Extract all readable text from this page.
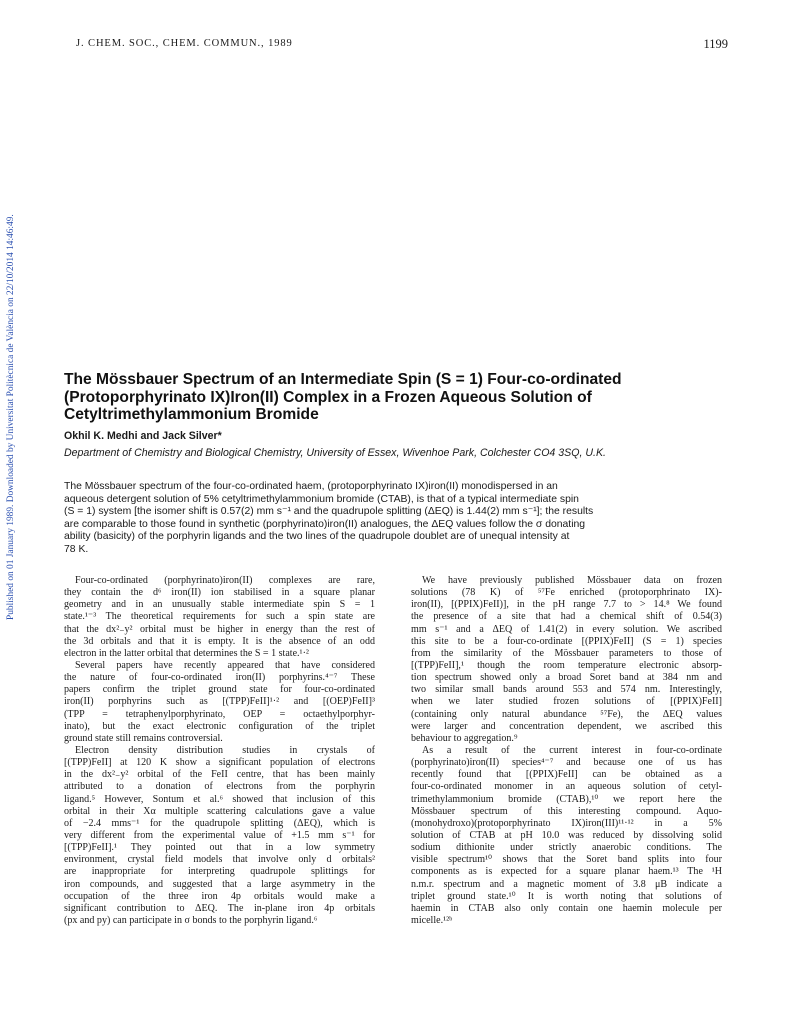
Published on 01 January 1989. Downloaded by Universitat Politècnica de València on 22/10/2014 14:46:49.
J. CHEM. SOC., CHEM. COMMUN., 1989	1199
The Mössbauer Spectrum of an Intermediate Spin (S = 1) Four-co-ordinated (Protoporphyrinato IX)Iron(II) Complex in a Frozen Aqueous Solution of Cetyltrimethylammonium Bromide
Okhil K. Medhi and Jack Silver*
Department of Chemistry and Biological Chemistry, University of Essex, Wivenhoe Park, Colchester CO4 3SQ, U.K.
The Mössbauer spectrum of the four-co-ordinated haem, (protoporphyrinato IX)iron(II) monodispersed in an
aqueous detergent solution of 5% cetyltrimethylammonium bromide (CTAB), is that of a typical intermediate spin
(S = 1) system [the isomer shift is 0.57(2) mm s⁻¹ and the quadrupole splitting (ΔEQ) is 1.44(2) mm s⁻¹]; the results
are comparable to those found in synthetic (porphyrinato)iron(II) analogues, the ΔEQ values follow the σ donating
ability (basicity) of the porphyrin ligands and the two lines of the quadrupole doublet are of unequal intensity at
78 K.
Four-co-ordinated (porphyrinato)iron(II) complexes are rare,
they contain the d⁶ iron(II) ion stabilised in a square planar
geometry and in an unusually stable intermediate spin S = 1
state.¹⁻³ The theoretical requirements for such a spin state are
that the dx²₋y² orbital must be higher in energy than the rest of
the 3d orbitals and that it is empty. It is the absence of an odd
electron in the latter orbital that determines the S = 1 state.¹·²
Several papers have recently appeared that have considered
the nature of four-co-ordinated iron(II) porphyrins.⁴⁻⁷ These
papers confirm the triplet ground state for four-co-ordinated
iron(II) porphyrins such as [(TPP)FeII]¹·² and [(OEP)FeII]³
(TPP = tetraphenylporphyrinato, OEP = octaethylporphyr-
inato), but the exact electronic configuration of the triplet
ground state still remains controversial.
Electron density distribution studies in crystals of
[(TPP)FeII] at 120 K show a significant population of electrons
in the dx²₋y² orbital of the FeII centre, that has been mainly
attributed to a donation of electrons from the porphyrin
ligand.⁵ However, Sontum et al.⁶ showed that inclusion of this
orbital in their Xα multiple scattering calculations gave a value
of −2.4 mms⁻¹ for the quadrupole splitting (ΔEQ), which is
very different from the experimental value of +1.5 mm s⁻¹ for
[(TPP)FeII].¹ They pointed out that in a low symmetry
environment, crystal field models that involve only d orbitals²
are inappropriate for interpreting quadrupole splittings for
iron compounds, and suggested that a large asymmetry in the
occupation of the three iron 4p orbitals would make a
significant contribution to ΔEQ. The in-plane iron 4p orbitals
(px and py) can participate in σ bonds to the porphyrin ligand.⁶
We have previously published Mössbauer data on frozen
solutions (78 K) of ⁵⁷Fe enriched (protoporphrinato IX)-
iron(II), [(PPIX)FeII)], in the pH range 7.7 to > 14.⁸ We found
the presence of a site that had a chemical shift of 0.54(3)
mm s⁻¹ and a ΔEQ of 1.41(2) in every solution. We ascribed
this site to be a four-co-ordinate [(PPIX)FeII] (S = 1) species
from the similarity of the Mössbauer parameters to those of
[(TPP)FeII],¹ though the room temperature electronic absorp-
tion spectrum showed only a broad Soret band at 384 nm and
two similar small bands around 553 and 574 nm. Interestingly,
when we later studied frozen solutions of [(PPIX)FeII]
(containing only natural abundance ⁵⁷Fe), the ΔEQ values
were larger and concentration dependent, we ascribed this
behaviour to aggregation.⁹
As a result of the current interest in four-co-ordinate
(porphyrinato)iron(II) species⁴⁻⁷ and because one of us has
recently found that [(PPIX)FeII] can be obtained as a
four-co-ordinated monomer in an aqueous solution of cetyl-
trimethylammonium bromide (CTAB),¹⁰ we report here the
Mössbauer spectrum of this interesting compound. Aquo-
(monohydroxo)(protoporphyrinato IX)iron(III)¹¹·¹² in a 5%
solution of CTAB at pH 10.0 was reduced by dissolving solid
sodium dithionite under strictly anaerobic conditions. The
visible spectrum¹⁰ shows that the Soret band splits into four
components as is expected for a square planar haem.¹³ The ¹H
n.m.r. spectrum and a magnetic moment of 3.8 μB indicate a
triplet ground state.¹⁰ It is worth noting that solutions of
haemin in CTAB also only contain one haemin molecule per
micelle.¹²ᵇ
